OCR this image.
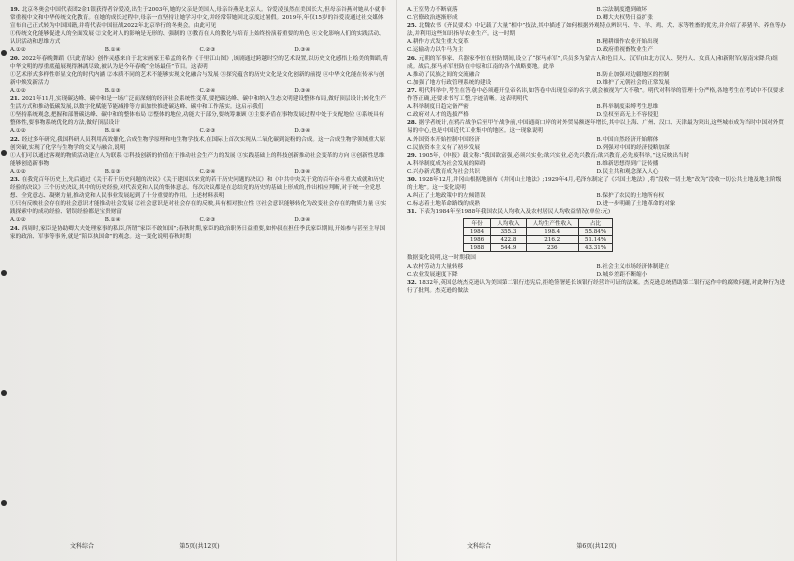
19. 北京冬奥会中国代表团2金1银获得者谷爱凌,出生于2003年,她的父亲是美国人,母亲谷燕是北京人。谷爱凌虽然在美国长大,但母亲谷燕对她从小就非常重视中文和中华传统文化教育。在她的成长过程中,母亲一直坚持让她学习中文,并经常带她回北京度过暑假。2019年,年仅15岁的谷爱凌通过社交媒体宣布自己正式转为中国国籍,并将代表中国征战2022年北京举行的冬奥会。由此可见
①传统文化能够促进人的全面发展 ②文化对人的影响是无形的、强制的 ③教育在人的教化与培育上始终扮演着重要的角色 ④文化影响人们的实践活动、认识活动和思维方式
A.①②	B.①④	C.②③	D.③④
20. 2022年春晚舞蹈《只此青绿》创作灵感来自于北宋画家王希孟的名作《千里江山图》,该剧通过跨越时空的艺术设置,以历史文化感悟上绘美的舞蹈,将中华文明的厚重底蕴展现得淋漓尽致,被认为是今年春晚“全场最佳”节目。这表明
①艺术形式多样性彰显文化的时代内涵 ②本质不同的艺术不能够实现文化融合与发展 ③探究蕴含的历史文化是文化创新的前提 ④中华文化能在传承与创新中焕发新活力
A.①②	B.①③	C.②④	D.③④
21. 2021年11月,实现碳达峰、碳中和是一场广泛而深刻的经济社会系统性变革,要把碳达峰、碳中和纳入生态文明建设整体布局,做好顶层设计;转化生产生活方式和推动低碳发展,以数字化赋能节能减排等方面加快推进碳达峰、碳中和工作落实。这启示我们
①坚持系统观念,把握和部署碳达峰、碳中和的整体布局 ②整体的地位,功能大于部分,要统筹兼顾 ③主要矛盾在事物发展过程中处于支配地位 ④系统具有整体性,要事物系统优化的方法,做好顶层设计
A.①②	B.①④	C.②③	D.③④
22. 经过多年研究,我国科研人员利用高效催化,合成生物学原理和电生物学技术,在国际上首次实现从二氧化碳到淀粉的合成。这一合成生物学领域重大原创突破,实现了化学与生物学的交叉与融合,说明
①人们可以通过客观的物质活动建立人为联系 ②科技创新的价值在于推动社会生产力的发展 ③实践基础上的科技创新推动社会变革的方向 ④创新性思维能够创造新事物
A.①②	B.①③	C.②④	D.③④
23. 在我党百年历史上,先后通过《关于若干历史问题的决议》《关于建国以来党的若干历史问题的决议》和《中共中央关于党的百年奋斗重大成就和历史经验的决议》三个历史决议,其中的历史经验,对代表党和人民的集体意志。每次决议都是在总结党的历史的基础上形成的,作出相应判断,对于统一全党思想、全党意志、凝聚力量,推动党和人民事业发展起到了十分重要的作用。上述材料表明
①只有反映社会存在的社会意识才能推动社会发展 ②社会意识是对社会存在的反映,具有相对独立性 ③社会意识能够转化为改变社会存在的物质力量 ④实践探索中的成功经验、错误经验都是宝贵财富
A.①②	B.①④	C.②③	D.③④
24. 西周时,家臣是协助卿大夫处理家事的私臣,所谓“家臣不敢知国”;春秋时期,家臣的政治职务日益重要,如仲叔在担任季氏家臣期间,开始参与甚至主导国家的政治、军事等事务,就是“陪臣执国命”的观念。这一变化说明春秋时期
文科综合	第5页(共12页)
A.王室势力不断衰落	B.宗法制度遭到破坏
C.官僚政治逐渐形成	D.卿大夫权势日益扩张
25. 北魏农书《齐民要术》中记载了大量“相中”技法,其中描述了如何根据外观特点辨识马、牛、羊、鸡、犬、豕等牲畜的优劣,并介绍了养猪羊、养鱼等办法,并利用这些知识指导农业生产。这一时期
A.耕作方式发生重大变革	B.精耕细作农业开始出现
C.运输动力以牛马为主	D.政府重视畜牧业生产
26. 元朝的军事家、兵器家李恒在驻防期间,设立了“探马赤军”,兵员多为蒙古人和色目人、汉军(由北方汉人、契丹人、女真人)和新附军(原南宋降兵)组成。战后,探马赤军驻防在中原和江南的各个战略要地。此举
A.推动了民族之间的交流融合	B.防止加强对边疆地区的控制
C.加强了地方行政管理系统的建设	D.维护了元朝社会的正常发展
27. 明代科举中,考生在答卷中必须避开皇帝名讳,如答卷中出现皇帝的名字,就会被视为“大不敬”。明代对科举的管理十分严格,各地考生在考试中不仅要求作答正确,还要求书写工整,字迹清晰。这表明明代
A.科举制度日趋完备严密	B.科举制度束缚考生思维
C.政府对人才的选拔严格	D.皇权至高无上不容侵犯
28. 据学者统计,在鸦片战争后至甲午战争前,中国通商口岸的对外贸易额逐年增长,其中以上海、广州、汉口、天津最为突出,这些城市成为当时中国对外贸易的中心,也是中国近代工业集中的地区。这一现象说明
A.外国资本开始控制中国经济	B.中国自然经济开始解体
C.民族资本主义有了初步发展	D.列强对中国的经济侵略加深
29. 1905年,《申报》载文称:“我国欲富强,必须兴实业;欲兴实业,必先兴教育;欲兴教育,必先废科举。”这反映出当时
A.科举制度成为社会发展的障碍	B.维新思想得到广泛传播
C.兴办新式教育成为社会共识	D.民主共和观念深入人心
30. 1928年12月,井冈山根据地颁布《井冈山土地法》;1929年4月,毛泽东制定了《兴国土地法》,将“没收一切土地”改为“没收一切公共土地及地主阶级的土地”。这一变化说明
A.纠正了土地政策中的左倾错误	B.保护了农民的土地所有权
C.标志着土地革命路线的成熟	D.进一步明确了土地革命的对象
31. 下表为1984年至1988年我国农民人均收入及农村居民人均收益情况(单位:元)
年份	人均收入	人均生产性收入	占比
1984	355.3	198.4	55.84%
1986	422.8	216.2	51.14%
1988	544.9	236	43.31%
数据变化说明,这一时期我国
A.农村劳动力大量转移	B.社会主义市场经济体制建立
C.农业发展速度下降	D.城乡差距不断缩小
32. 1832年,英国总统杰克逊认为美国第二银行违宪后,拒绝签署延长该银行经营许可证的法案。杰克逊总统借助第二银行运作中的腐败问题,对此种行为进行了批判。杰克逊的做法
文科综合	第6页(共12页)
